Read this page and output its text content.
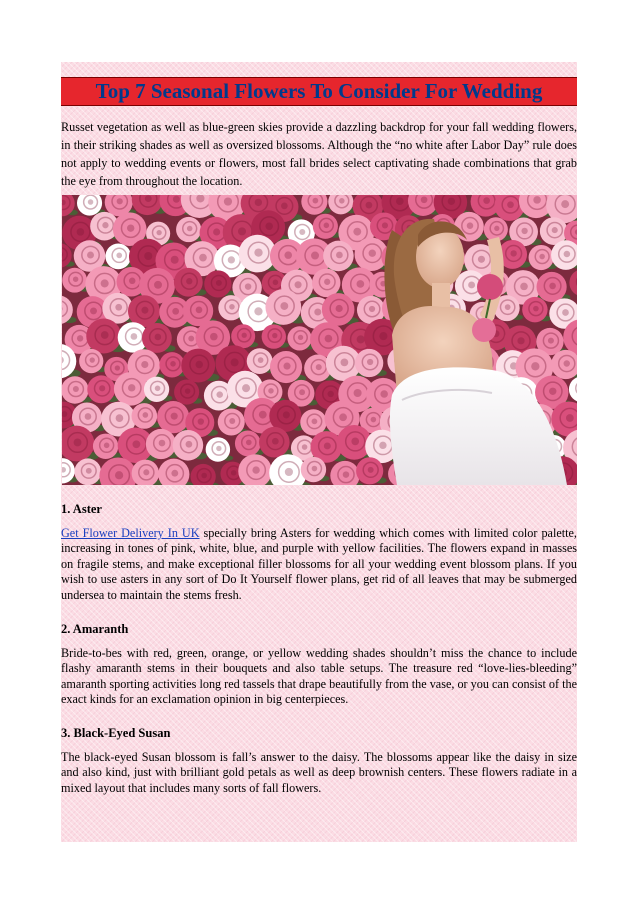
Top 7 Seasonal Flowers To Consider For Wedding
Russet vegetation as well as blue-green skies provide a dazzling backdrop for your fall wedding flowers, in their striking shades as well as oversized blossoms. Although the “no white after Labor Day” rule does not apply to wedding events or flowers, most fall brides select captivating shade combinations that grab the eye from throughout the location.
1. Aster
Get Flower Delivery In UK specially bring Asters for wedding which comes with limited color palette, increasing in tones of pink, white, blue, and purple with yellow facilities. The flowers expand in masses on fragile stems, and make exceptional filler blossoms for all your wedding event blossom plans. If you wish to use asters in any sort of Do It Yourself flower plans, get rid of all leaves that may be submerged undersea to maintain the stems fresh.
2. Amaranth
Bride-to-bes with red, green, orange, or yellow wedding shades shouldn’t miss the chance to include flashy amaranth stems in their bouquets and also table setups. The treasure red “love-lies-bleeding” amaranth sporting activities long red tassels that drape beautifully from the vase, or you can consist of the exact kinds for an exclamation opinion in big centerpieces.
3. Black-Eyed Susan
The black-eyed Susan blossom is fall’s answer to the daisy. The blossoms appear like the daisy in size and also kind, just with brilliant gold petals as well as deep brownish centers. These flowers radiate in a mixed layout that includes many sorts of fall flowers.
